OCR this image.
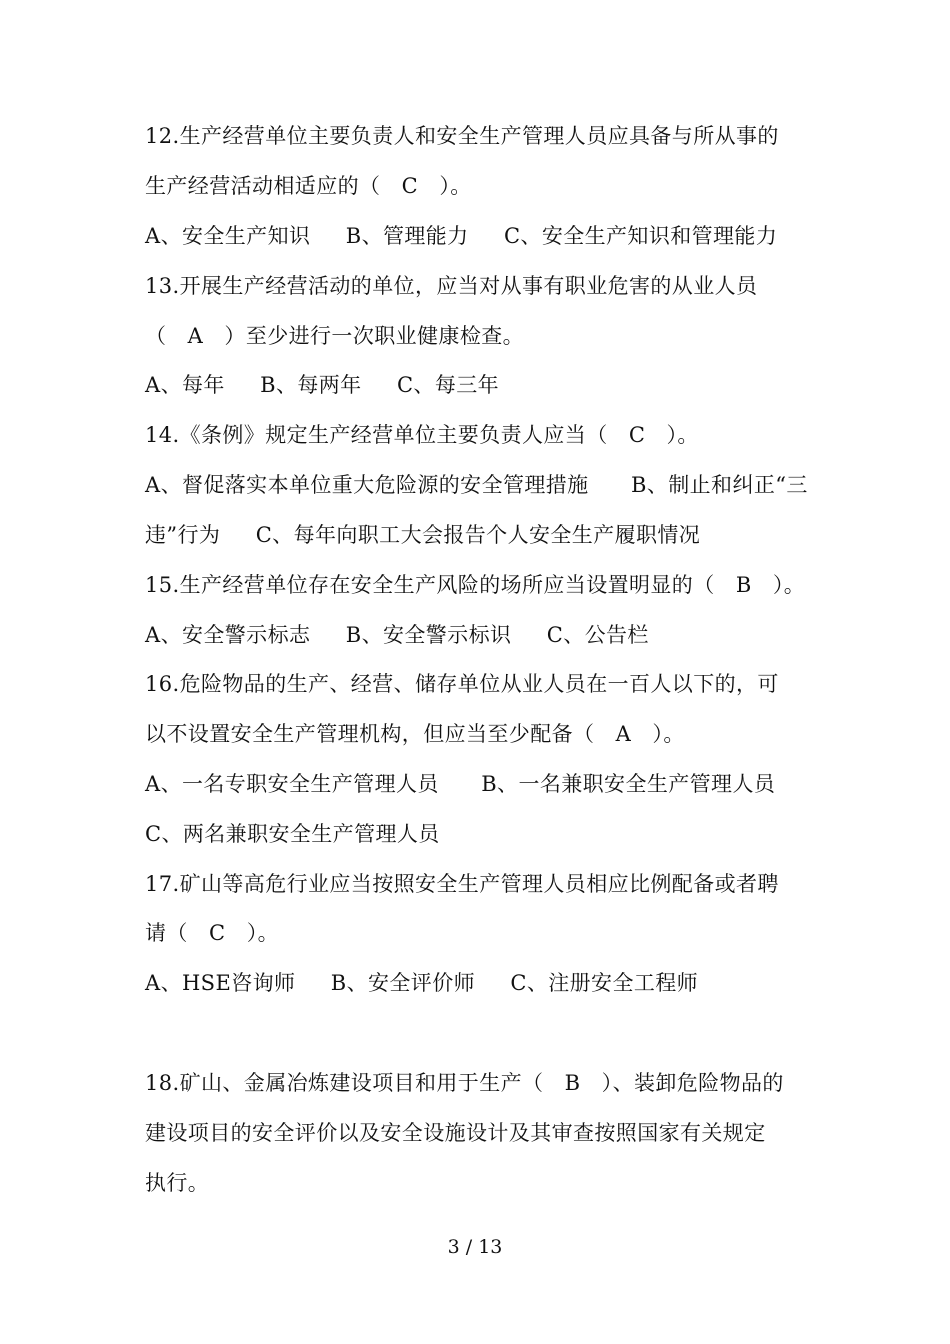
12.生产经营单位主要负责人和安全生产管理人员应具备与所从事的
生产经营活动相适应的（   C   ）。
A、安全生产知识     B、管理能力     C、安全生产知识和管理能力
13.开展生产经营活动的单位，应当对从事有职业危害的从业人员
（   A   ）至少进行一次职业健康检查。
A、每年     B、每两年     C、每三年
14.《条例》规定生产经营单位主要负责人应当（   C   ）。
A、督促落实本单位重大危险源的安全管理措施      B、制止和纠正“三
违”行为     C、每年向职工大会报告个人安全生产履职情况
15.生产经营单位存在安全生产风险的场所应当设置明显的（   B   ）。
A、安全警示标志     B、安全警示标识     C、公告栏
16.危险物品的生产、经营、储存单位从业人员在一百人以下的，可
以不设置安全生产管理机构，但应当至少配备（   A   ）。
A、一名专职安全生产管理人员      B、一名兼职安全生产管理人员
C、两名兼职安全生产管理人员
17.矿山等高危行业应当按照安全生产管理人员相应比例配备或者聘
请（   C   ）。
A、HSE咨询师     B、安全评价师     C、注册安全工程师
18.矿山、金属冶炼建设项目和用于生产（   B   ）、装卸危险物品的
建设项目的安全评价以及安全设施设计及其审查按照国家有关规定
执行。
3 / 13
